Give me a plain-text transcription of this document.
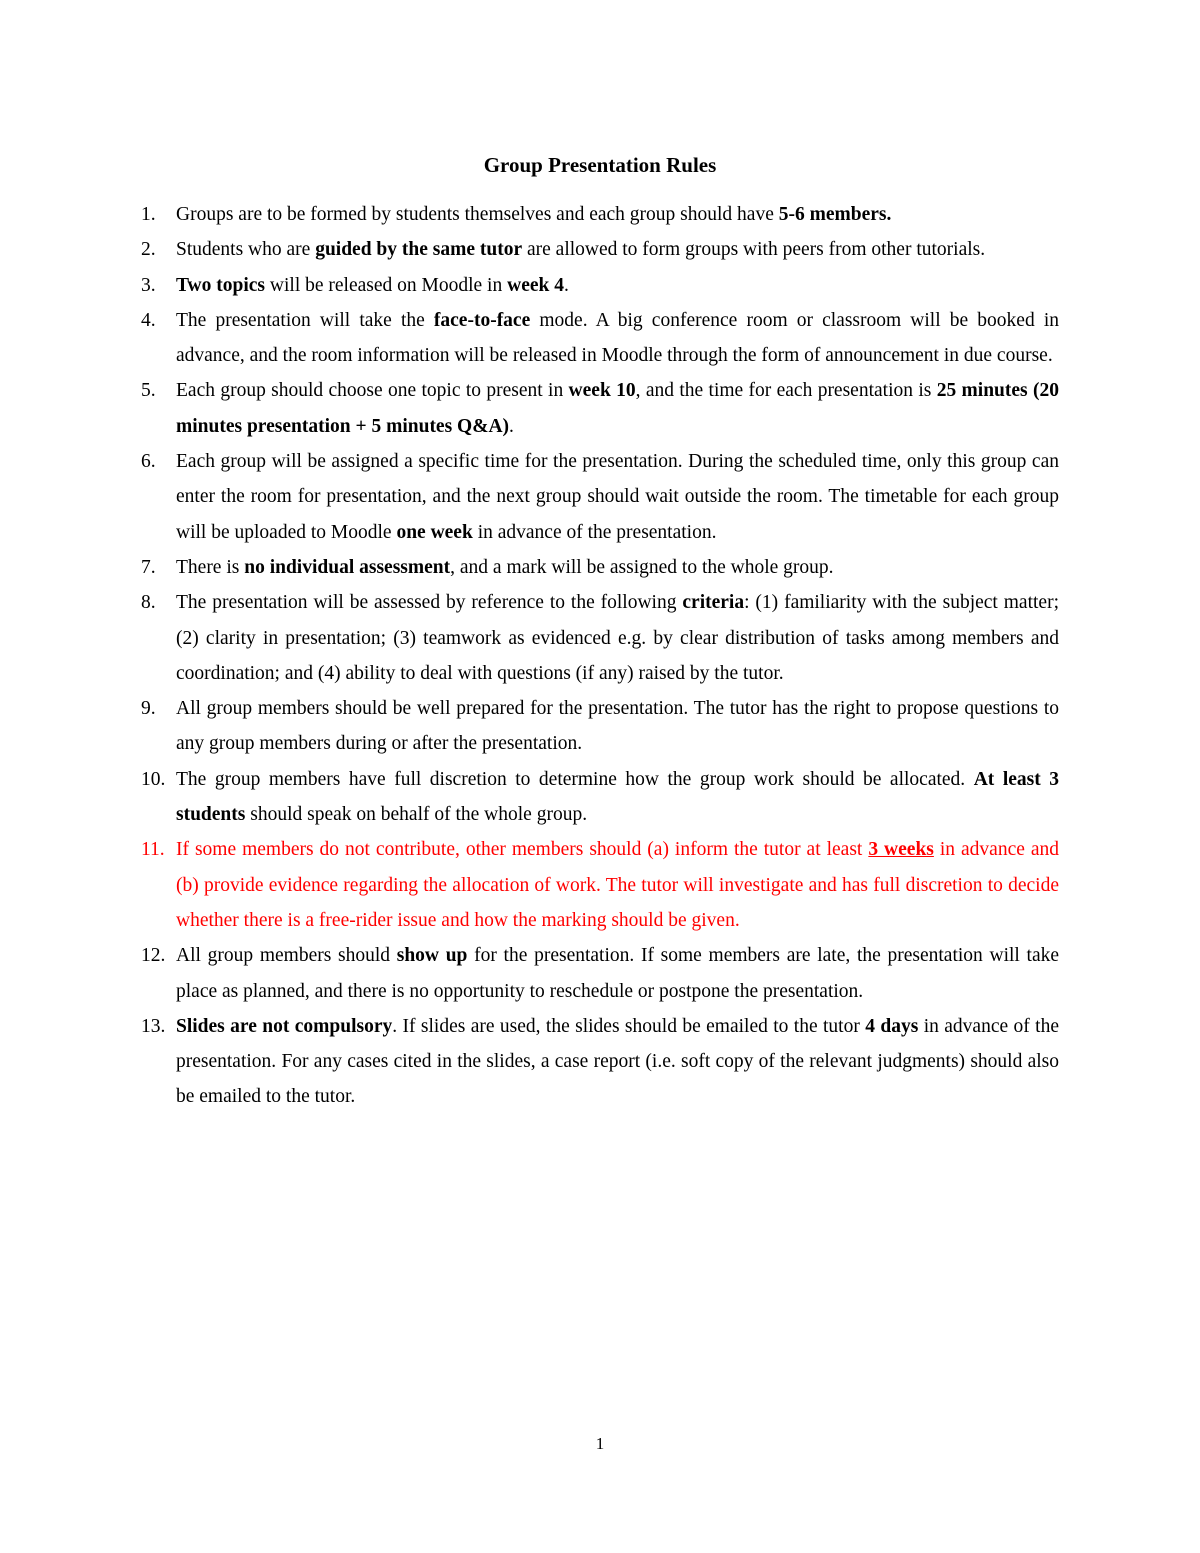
Group Presentation Rules
1. Groups are to be formed by students themselves and each group should have 5-6 members.
2. Students who are guided by the same tutor are allowed to form groups with peers from other tutorials.
3. Two topics will be released on Moodle in week 4.
4. The presentation will take the face-to-face mode. A big conference room or classroom will be booked in advance, and the room information will be released in Moodle through the form of announcement in due course.
5. Each group should choose one topic to present in week 10, and the time for each presentation is 25 minutes (20 minutes presentation + 5 minutes Q&A).
6. Each group will be assigned a specific time for the presentation. During the scheduled time, only this group can enter the room for presentation, and the next group should wait outside the room. The timetable for each group will be uploaded to Moodle one week in advance of the presentation.
7. There is no individual assessment, and a mark will be assigned to the whole group.
8. The presentation will be assessed by reference to the following criteria: (1) familiarity with the subject matter; (2) clarity in presentation; (3) teamwork as evidenced e.g. by clear distribution of tasks among members and coordination; and (4) ability to deal with questions (if any) raised by the tutor.
9. All group members should be well prepared for the presentation. The tutor has the right to propose questions to any group members during or after the presentation.
10. The group members have full discretion to determine how the group work should be allocated. At least 3 students should speak on behalf of the whole group.
11. If some members do not contribute, other members should (a) inform the tutor at least 3 weeks in advance and (b) provide evidence regarding the allocation of work. The tutor will investigate and has full discretion to decide whether there is a free-rider issue and how the marking should be given.
12. All group members should show up for the presentation. If some members are late, the presentation will take place as planned, and there is no opportunity to reschedule or postpone the presentation.
13. Slides are not compulsory. If slides are used, the slides should be emailed to the tutor 4 days in advance of the presentation. For any cases cited in the slides, a case report (i.e. soft copy of the relevant judgments) should also be emailed to the tutor.
1
